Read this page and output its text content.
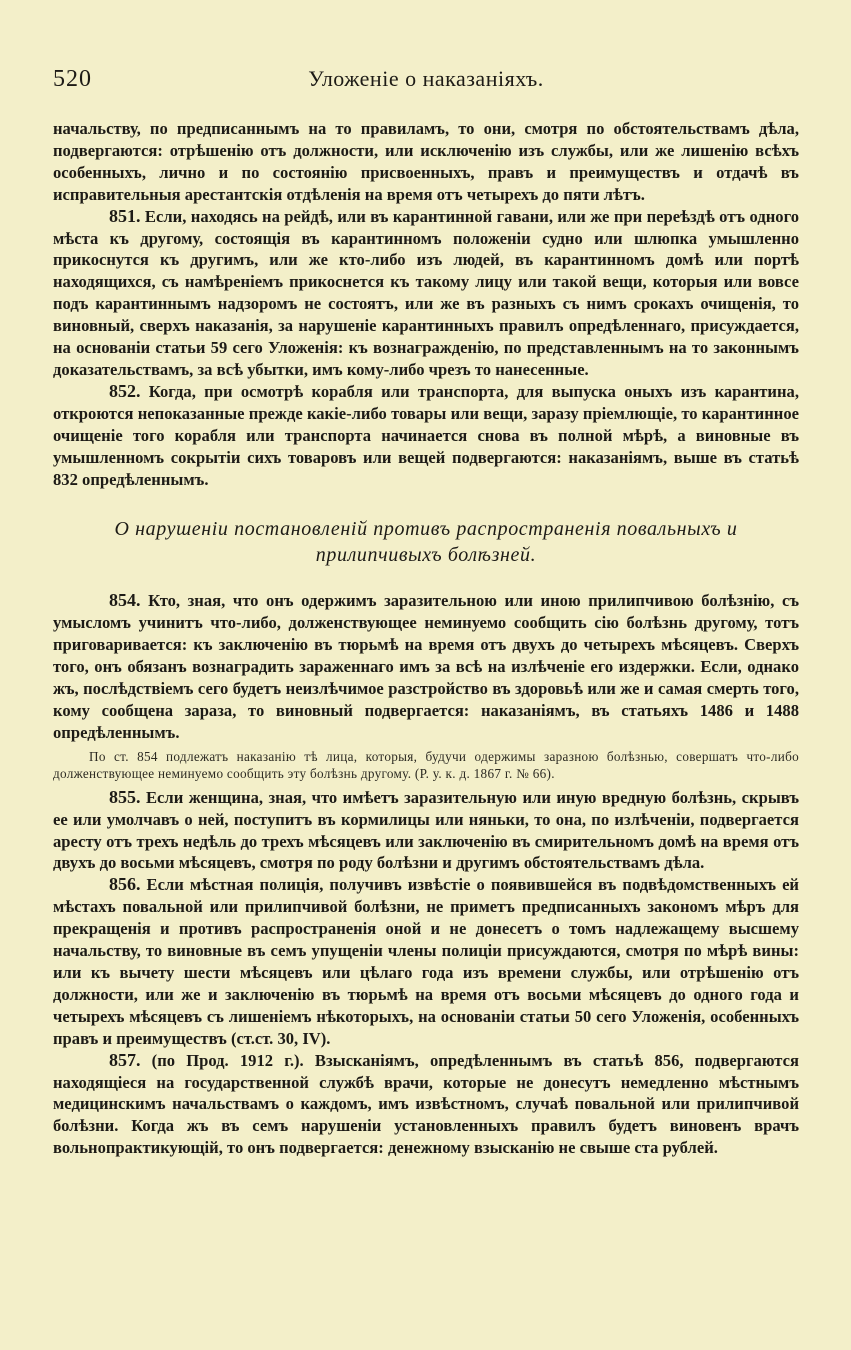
520	Уложеніе о наказаніяхъ.

начальству, по предписаннымъ на то правиламъ, то они, смотря по обстоятельствамъ дѣла, подвергаются: отрѣшенію отъ должности, или исключенію изъ службы, или же лишенію всѣхъ особенныхъ, лично и по состоянію присвоенныхъ, правъ и преимуществъ и отдачѣ въ исправительныя арестантскія отдѣленія на время отъ четырехъ до пяти лѣтъ.

851. Если, находясь на рейдѣ, или въ карантинной гавани, или же при переѣздѣ отъ одного мѣста къ другому, состоящія въ карантинномъ положеніи судно или шлюпка умышленно прикоснутся къ другимъ, или же кто-либо изъ людей, въ карантинномъ домѣ или портѣ находящихся, съ намѣреніемъ прикоснется къ такому лицу или такой вещи, которыя или вовсе подъ карантиннымъ надзоромъ не состоятъ, или же въ разныхъ съ нимъ срокахъ очищенія, то виновный, сверхъ наказанія, за нарушеніе карантинныхъ правилъ опредѣленнаго, присуждается, на основаніи статьи 59 сего Уложенія: къ вознагражденію, по представленнымъ на то законнымъ доказательствамъ, за всѣ убытки, имъ кому-либо чрезъ то нанесенные.

852. Когда, при осмотрѣ корабля или транспорта, для выпуска оныхъ изъ карантина, откроются непоказанные прежде какіе-либо товары или вещи, заразу пріемлющіе, то карантинное очищеніе того корабля или транспорта начинается снова въ полной мѣрѣ, а виновные въ умышленномъ сокрытіи сихъ товаровъ или вещей подвергаются: наказаніямъ, выше въ статьѣ 832 опредѣленнымъ.

О нарушеніи постановленій противъ распространенія повальныхъ и прилипчивыхъ болѣзней.

854. Кто, зная, что онъ одержимъ заразительною или иною прилипчивою болѣзнію, съ умысломъ учинитъ что-либо, долженствующее неминуемо сообщить сію болѣзнь другому, тотъ приговаривается: къ заключенію въ тюрьмѣ на время отъ двухъ до четырехъ мѣсяцевъ. Сверхъ того, онъ обязанъ вознаградить зараженнаго имъ за всѣ на излѣченіе его издержки. Если, однако жъ, послѣдствіемъ сего будетъ неизлѣчимое разстройство въ здоровьѣ или же и самая смерть того, кому сообщена зараза, то виновный подвергается: наказаніямъ, въ статьяхъ 1486 и 1488 опредѣленнымъ.

По ст. 854 подлежатъ наказанію тѣ лица, которыя, будучи одержимы заразною болѣзнью, совершатъ что-либо долженствующее неминуемо сообщить эту болѣзнь другому. (Р. у. к. д. 1867 г. № 66).

855. Если женщина, зная, что имѣетъ заразительную или иную вредную болѣзнь, скрывъ ее или умолчавъ о ней, поступитъ въ кормилицы или няньки, то она, по излѣченіи, подвергается аресту отъ трехъ недѣль до трехъ мѣсяцевъ или заключенію въ смирительномъ домѣ на время отъ двухъ до восьми мѣсяцевъ, смотря по роду болѣзни и другимъ обстоятельствамъ дѣла.

856. Если мѣстная полиція, получивъ извѣстіе о появившейся въ подвѣдомственныхъ ей мѣстахъ повальной или прилипчивой болѣзни, не приметъ предписанныхъ закономъ мѣръ для прекращенія и противъ распространенія оной и не донесетъ о томъ надлежащему высшему начальству, то виновные въ семъ упущеніи члены полиціи присуждаются, смотря по мѣрѣ вины: или къ вычету шести мѣсяцевъ или цѣлаго года изъ времени службы, или отрѣшенію отъ должности, или же и заключенію въ тюрьмѣ на время отъ восьми мѣсяцевъ до одного года и четырехъ мѣсяцевъ съ лишеніемъ нѣкоторыхъ, на основаніи статьи 50 сего Уложенія, особенныхъ правъ и преимуществъ (ст.ст. 30, IV).

857. (по Прод. 1912 г.). Взысканіямъ, опредѣленнымъ въ статьѣ 856, подвергаются находящіеся на государственной службѣ врачи, которые не донесутъ немедленно мѣстнымъ медицинскимъ начальствамъ о каждомъ, имъ извѣстномъ, случаѣ повальной или прилипчивой болѣзни. Когда жъ въ семъ нарушеніи установленныхъ правилъ будетъ виновенъ врачъ вольнопрактикующій, то онъ подвергается: денежному взысканію не свыше ста рублей.
